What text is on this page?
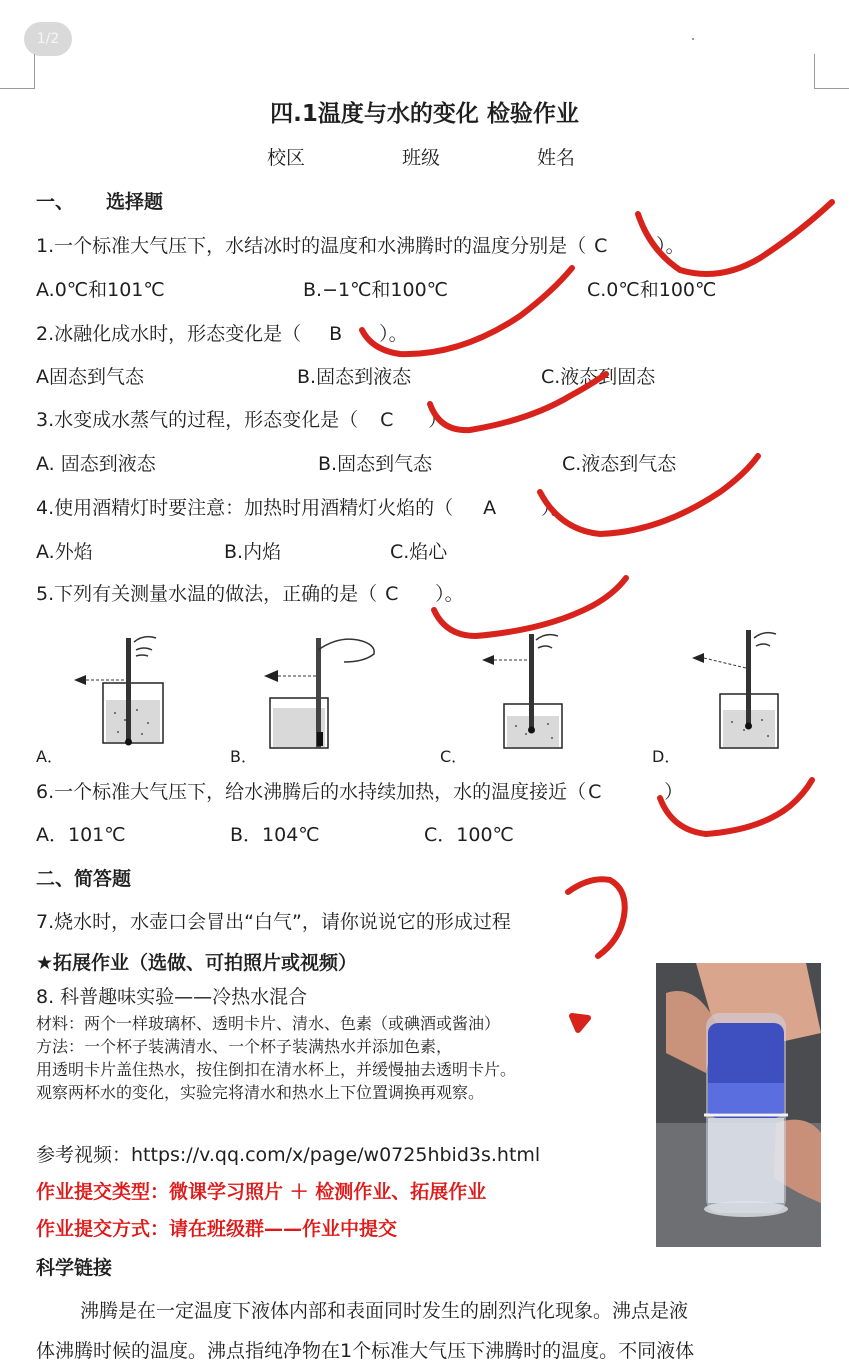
1/2
四.1温度与水的变化 检验作业
校区	班级	姓名
一、 选择题
1.一个标准大气压下，水结冰时的温度和水沸腾时的温度分别是（ C	）。
A.0℃和101℃	B.−1℃和100℃	C.0℃和100℃
2.冰融化成水时，形态变化是（ B ）。
A固态到气态	B.固态到液态	C.液态到固态
3.水变成水蒸气的过程，形态变化是（ C ）
A. 固态到液态	B.固态到气态	C.液态到气态
4.使用酒精灯时要注意：加热时用酒精灯火焰的（ A ）。
A.外焰	B.内焰	C.焰心
5.下列有关测量水温的做法，正确的是（ C ）。
A．	B．	C．	D．
6.一个标准大气压下，给水沸腾后的水持续加热，水的温度接近（ C	）
A．101℃	B．104℃	C．100℃
二、简答题
7.烧水时，水壶口会冒出“白气”，请你说说它的形成过程
★拓展作业（选做、可拍照片或视频）
8. 科普趣味实验——冷热水混合
材料：两个一样玻璃杯、透明卡片、清水、色素（或碘酒或酱油）
方法：一个杯子装满清水、一个杯子装满热水并添加色素，
用透明卡片盖住热水，按住倒扣在清水杯上，并缓慢抽去透明卡片。
观察两杯水的变化，实验完将清水和热水上下位置调换再观察。
参考视频：https://v.qq.com/x/page/w0725hbid3s.html
作业提交类型：微课学习照片 ＋ 检测作业、拓展作业
作业提交方式：请在班级群——作业中提交
科学链接
沸腾是在一定温度下液体内部和表面同时发生的剧烈汽化现象。沸点是液
体沸腾时候的温度。沸点指纯净物在1个标准大气压下沸腾时的温度。不同液体
